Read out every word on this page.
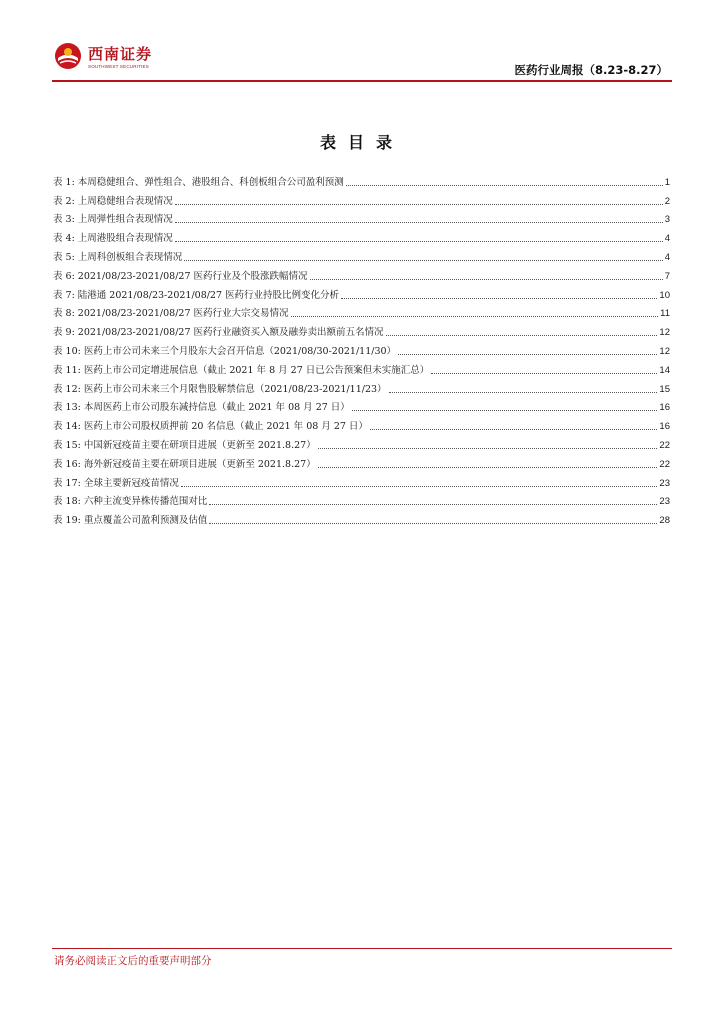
西南证券
SOUTHWEST SECURITIES	医药行业周报（8.23-8.27）
表目录
表 1: 本周稳健组合、弹性组合、港股组合、科创板组合公司盈利预测	1
表 2: 上周稳健组合表现情况	2
表 3: 上周弹性组合表现情况	3
表 4: 上周港股组合表现情况	4
表 5: 上周科创板组合表现情况	4
表 6: 2021/08/23-2021/08/27 医药行业及个股涨跌幅情况	7
表 7: 陆港通 2021/08/23-2021/08/27 医药行业持股比例变化分析	10
表 8: 2021/08/23-2021/08/27 医药行业大宗交易情况	11
表 9: 2021/08/23-2021/08/27 医药行业融资买入额及融券卖出额前五名情况	12
表 10: 医药上市公司未来三个月股东大会召开信息（2021/08/30-2021/11/30）	12
表 11: 医药上市公司定增进展信息（截止 2021 年 8 月 27 日已公告预案但未实施汇总）	14
表 12: 医药上市公司未来三个月限售股解禁信息（2021/08/23-2021/11/23）	15
表 13: 本周医药上市公司股东减持信息（截止 2021 年 08 月 27 日）	16
表 14: 医药上市公司股权质押前 20 名信息（截止 2021 年 08 月 27 日）	16
表 15: 中国新冠疫苗主要在研项目进展（更新至 2021.8.27）	22
表 16: 海外新冠疫苗主要在研项目进展（更新至 2021.8.27）	22
表 17: 全球主要新冠疫苗情况	23
表 18: 六种主流变异株传播范围对比	23
表 19: 重点覆盖公司盈利预测及估值	28
请务必阅读正文后的重要声明部分
